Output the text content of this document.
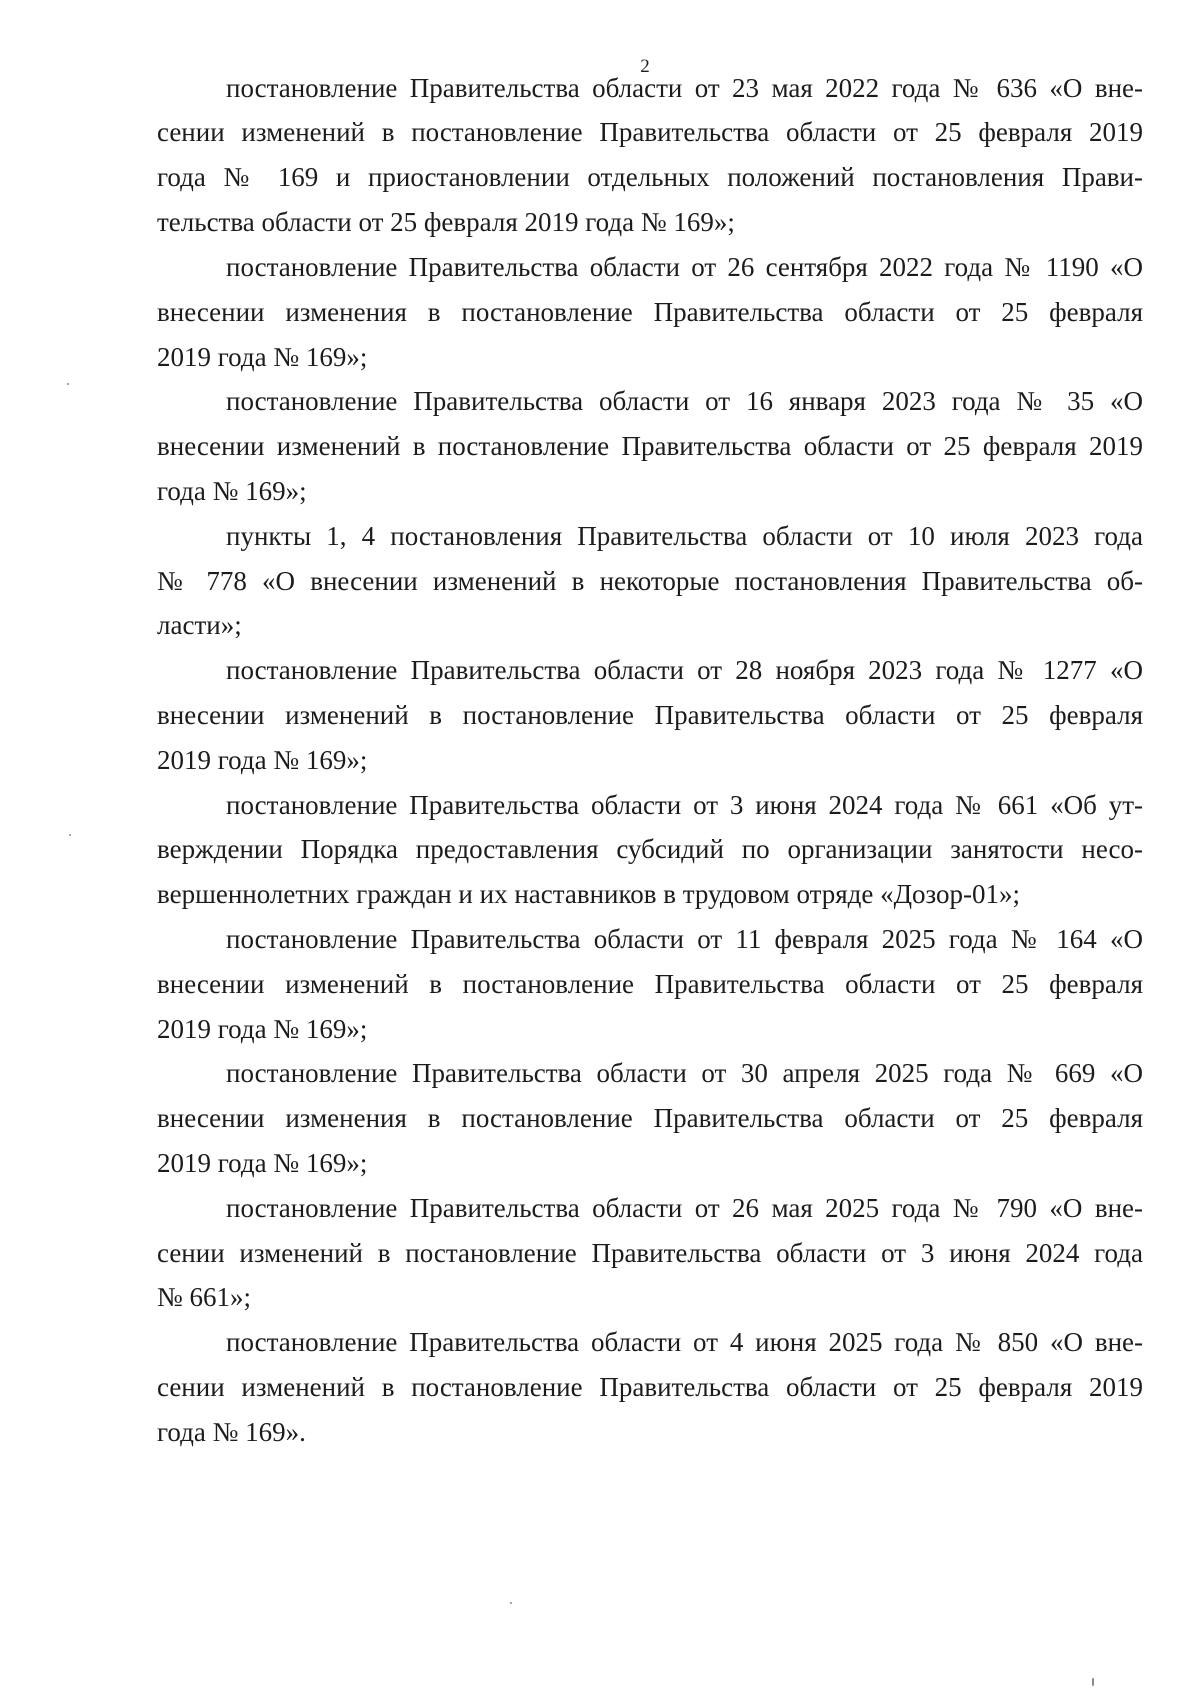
2
постановление Правительства области от 23 мая 2022 года № 636 «О вне-
сении изменений в постановление Правительства области от 25 февраля 2019
года № 169 и приостановлении отдельных положений постановления Прави-
тельства области от 25 февраля 2019 года № 169»;
постановление Правительства области от 26 сентября 2022 года № 1190 «О
внесении изменения в постановление Правительства области от 25 февраля
2019 года № 169»;
постановление Правительства области от 16 января 2023 года № 35 «О
внесении изменений в постановление Правительства области от 25 февраля 2019
года № 169»;
пункты 1, 4 постановления Правительства области от 10 июля 2023 года
№ 778 «О внесении изменений в некоторые постановления Правительства об-
ласти»;
постановление Правительства области от 28 ноября 2023 года № 1277 «О
внесении изменений в постановление Правительства области от 25 февраля
2019 года № 169»;
постановление Правительства области от 3 июня 2024 года № 661 «Об ут-
верждении Порядка предоставления субсидий по организации занятости несо-
вершеннолетних граждан и их наставников в трудовом отряде «Дозор-01»;
постановление Правительства области от 11 февраля 2025 года № 164 «О
внесении изменений в постановление Правительства области от 25 февраля
2019 года № 169»;
постановление Правительства области от 30 апреля 2025 года № 669 «О
внесении изменения в постановление Правительства области от 25 февраля
2019 года № 169»;
постановление Правительства области от 26 мая 2025 года № 790 «О вне-
сении изменений в постановление Правительства области от 3 июня 2024 года
№ 661»;
постановление Правительства области от 4 июня 2025 года № 850 «О вне-
сении изменений в постановление Правительства области от 25 февраля 2019
года № 169».
